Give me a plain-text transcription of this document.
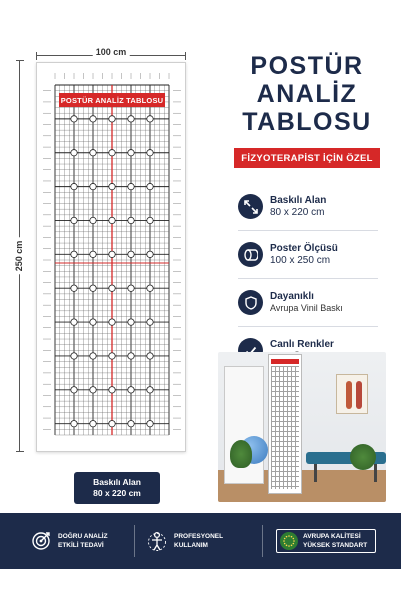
100 cm
250 cm
POSTÜR ANALİZ TABLOSU
Baskılı Alan
80 x 220 cm
POSTÜR
ANALİZ
TABLOSU
FİZYOTERAPİST İÇİN ÖZEL
Baskılı Alan
80 x 220 cm
Poster Ölçüsü
100 x 250 cm
Dayanıklı
Avrupa Vinil Baskı
Canlı Renkler
DOĞRU ANALİZ
ETKİLİ TEDAVİ
PROFESYONEL
KULLANIM
AVRUPA KALİTESİ
YÜKSEK STANDART
